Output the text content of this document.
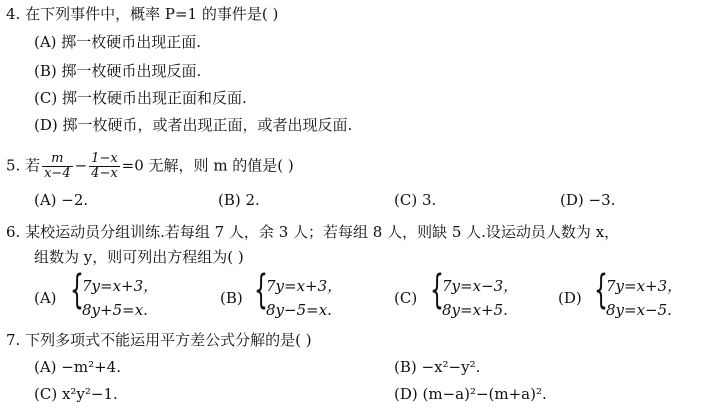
4. 在下列事件中，概率 P=1 的事件是( )
(A) 掷一枚硬币出现正面.
(B) 掷一枚硬币出现反面.
(C) 掷一枚硬币出现正面和反面.
(D) 掷一枚硬币，或者出现正面，或者出现反面.
5. 若 $\frac{m}{x-4} - \frac{1-x}{4-x} =0$ 无解，则 m 的值是( )
(A) −2.	(B) 2.	(C) 3.	(D) −3.
6. 某校运动员分组训练.若每组 7 人，余 3 人；若每组 8 人，则缺 5 人.设运动员人数为 x，
组数为 y，则可列出方程组为( )
(A) {
7y=x+3，
8y+5=x.
(B) {
7y=x+3，
8y−5=x.
(C) {
7y=x−3，
8y=x+5.
(D) {
7y=x+3，
8y=x−5.
7. 下列多项式不能运用平方差公式分解的是( )
(A) −m²+4.	(B) −x²−y².
(C) x²y²−1.	(D) (m−a)²−(m+a)².
